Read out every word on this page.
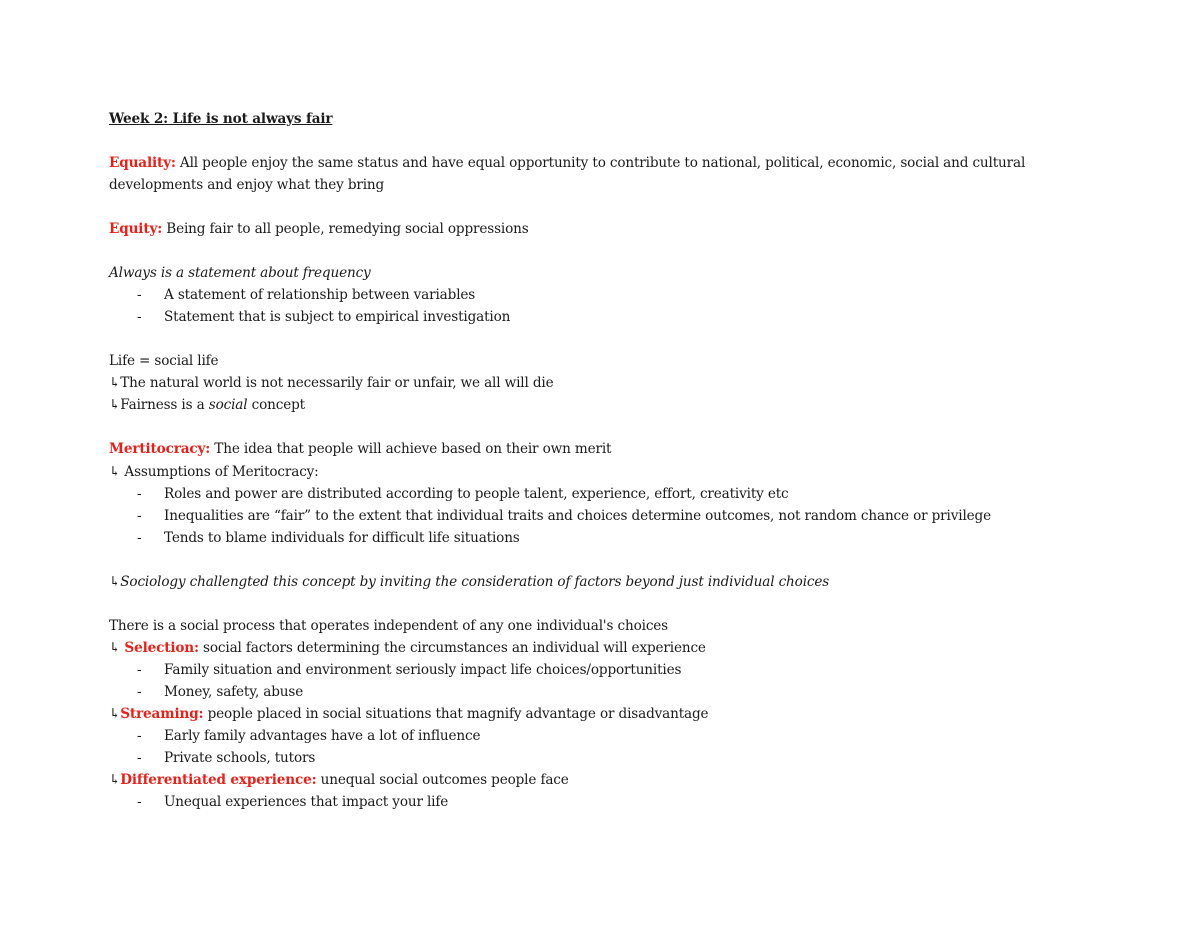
Week 2: Life is not always fair
Equality: All people enjoy the same status and have equal opportunity to contribute to national, political, economic, social and cultural
developments and enjoy what they bring
Equity: Being fair to all people, remedying social oppressions
Always is a statement about frequency
- A statement of relationship between variables
- Statement that is subject to empirical investigation
Life = social life
↳The natural world is not necessarily fair or unfair, we all will die
↳Fairness is a social concept
Mertitocracy: The idea that people will achieve based on their own merit
↳ Assumptions of Meritocracy:
- Roles and power are distributed according to people talent, experience, effort, creativity etc
- Inequalities are “fair” to the extent that individual traits and choices determine outcomes, not random chance or privilege
- Tends to blame individuals for difficult life situations
↳Sociology challengted this concept by inviting the consideration of factors beyond just individual choices
There is a social process that operates independent of any one individual's choices
↳ Selection: social factors determining the circumstances an individual will experience
- Family situation and environment seriously impact life choices/opportunities
- Money, safety, abuse
↳Streaming: people placed in social situations that magnify advantage or disadvantage
- Early family advantages have a lot of influence
- Private schools, tutors
↳Differentiated experience: unequal social outcomes people face
- Unequal experiences that impact your life
